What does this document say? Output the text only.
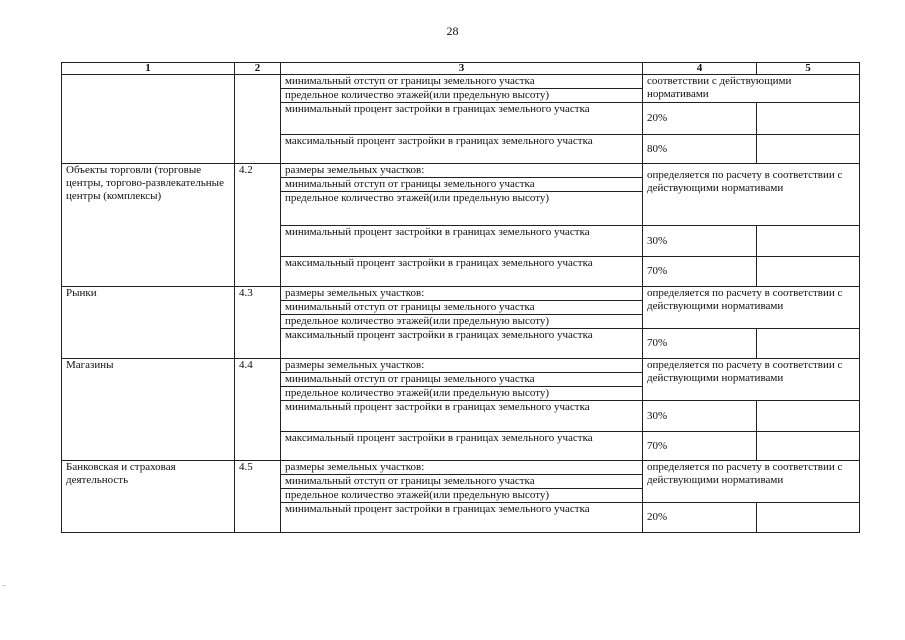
28
1	2	3	4	5
		минимальный отступ от границы земельного участка	соответствии с действующими нормативами	
		предельное количество этажей(или предельную высоту)		
		минимальный процент застройки в границах земельного участка	20%	
		максимальный процент застройки в границах земельного участка	80%	
Объекты торговли (торговые центры, торгово-развлекательные центры (комплексы)	4.2	размеры земельных участков:	определяется по расчету в соответствии с действующими нормативами	
		минимальный отступ от границы земельного участка		
		предельное количество этажей(или предельную высоту)		
		минимальный процент застройки в границах земельного участка	30%	
		максимальный процент застройки в границах земельного участка	70%	
Рынки	4.3	размеры земельных участков:	определяется по расчету в соответствии с действующими нормативами	
		минимальный отступ от границы земельного участка		
		предельное количество этажей(или предельную высоту)		
		максимальный процент застройки в границах земельного участка	70%	
Магазины	4.4	размеры земельных участков:	определяется по расчету в соответствии с действующими нормативами	
		минимальный отступ от границы земельного участка		
		предельное количество этажей(или предельную высоту)		
		минимальный процент застройки в границах земельного участка	30%	
		максимальный процент застройки в границах земельного участка	70%	
Банковская и страховая деятельность	4.5	размеры земельных участков:	определяется по расчету в соответствии с действующими нормативами	
		минимальный отступ от границы земельного участка		
		предельное количество этажей(или предельную высоту)		
		минимальный процент застройки в границах земельного участка	20%	
–
